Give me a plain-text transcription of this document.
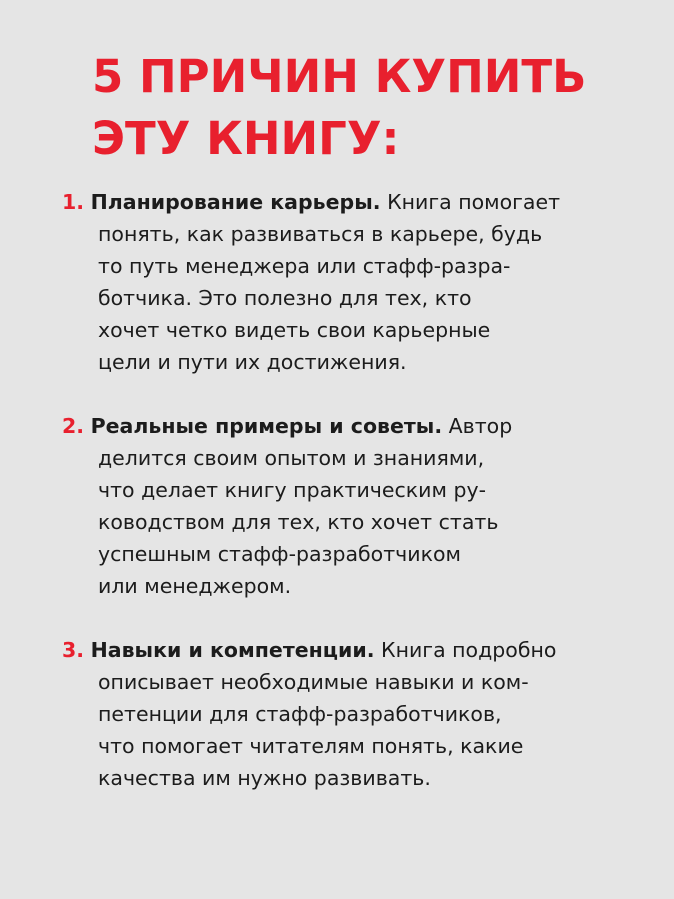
5 ПРИЧИН КУПИТЬ
ЭТУ КНИГУ:
1. Планирование карьеры. Книга помогает
понять, как развиваться в карьере, будь
то путь менеджера или стафф-разра-
ботчика. Это полезно для тех, кто
хочет четко видеть свои карьерные
цели и пути их достижения.
2. Реальные примеры и советы. Автор
делится своим опытом и знаниями,
что делает книгу практическим ру-
ководством для тех, кто хочет стать
успешным стафф-разработчиком
или менеджером.
3. Навыки и компетенции. Книга подробно
описывает необходимые навыки и ком-
петенции для стафф-разработчиков,
что помогает читателям понять, какие
качества им нужно развивать.
